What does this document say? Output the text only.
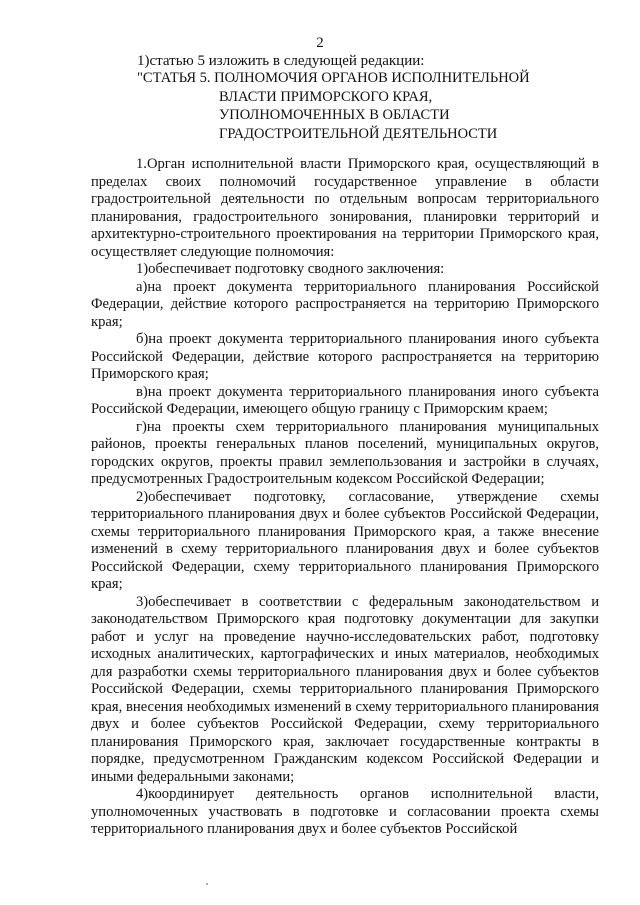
2
1)статью 5 изложить в следующей редакции:
"СТАТЬЯ 5. ПОЛНОМОЧИЯ ОРГАНОВ ИСПОЛНИТЕЛЬНОЙ
ВЛАСТИ ПРИМОРСКОГО КРАЯ,
УПОЛНОМОЧЕННЫХ В ОБЛАСТИ
ГРАДОСТРОИТЕЛЬНОЙ ДЕЯТЕЛЬНОСТИ

1.Орган исполнительной власти Приморского края, осуществляющий в пределах своих полномочий государственное управление в области градостроительной деятельности по отдельным вопросам территориального планирования, градостроительного зонирования, планировки территорий и архитектурно-строительного проектирования на территории Приморского края, осуществляет следующие полномочия:

1)обеспечивает подготовку сводного заключения:

а)на проект документа территориального планирования Российской Федерации, действие которого распространяется на территорию Приморского края;

б)на проект документа территориального планирования иного субъекта Российской Федерации, действие которого распространяется на территорию Приморского края;

в)на проект документа территориального планирования иного субъекта Российской Федерации, имеющего общую границу с Приморским краем;

г)на проекты схем территориального планирования муниципальных районов, проекты генеральных планов поселений, муниципальных округов, городских округов, проекты правил землепользования и застройки в случаях, предусмотренных Градостроительным кодексом Российской Федерации;

2)обеспечивает подготовку, согласование, утверждение схемы территориального планирования двух и более субъектов Российской Федерации, схемы территориального планирования Приморского края, а также внесение изменений в схему территориального планирования двух и более субъектов Российской Федерации, схему территориального планирования Приморского края;

3)обеспечивает в соответствии с федеральным законодательством и законодательством Приморского края подготовку документации для закупки работ и услуг на проведение научно-исследовательских работ, подготовку исходных аналитических, картографических и иных материалов, необходимых для разработки схемы территориального планирования двух и более субъектов Российской Федерации, схемы территориального планирования Приморского края, внесения необходимых изменений в схему территориального планирования двух и более субъектов Российской Федерации, схему территориального планирования Приморского края, заключает государственные контракты в порядке, предусмотренном Гражданским кодексом Российской Федерации и иными федеральными законами;

4)координирует деятельность органов исполнительной власти, уполномоченных участвовать в подготовке и согласовании проекта схемы территориального планирования двух и более субъектов Российской
